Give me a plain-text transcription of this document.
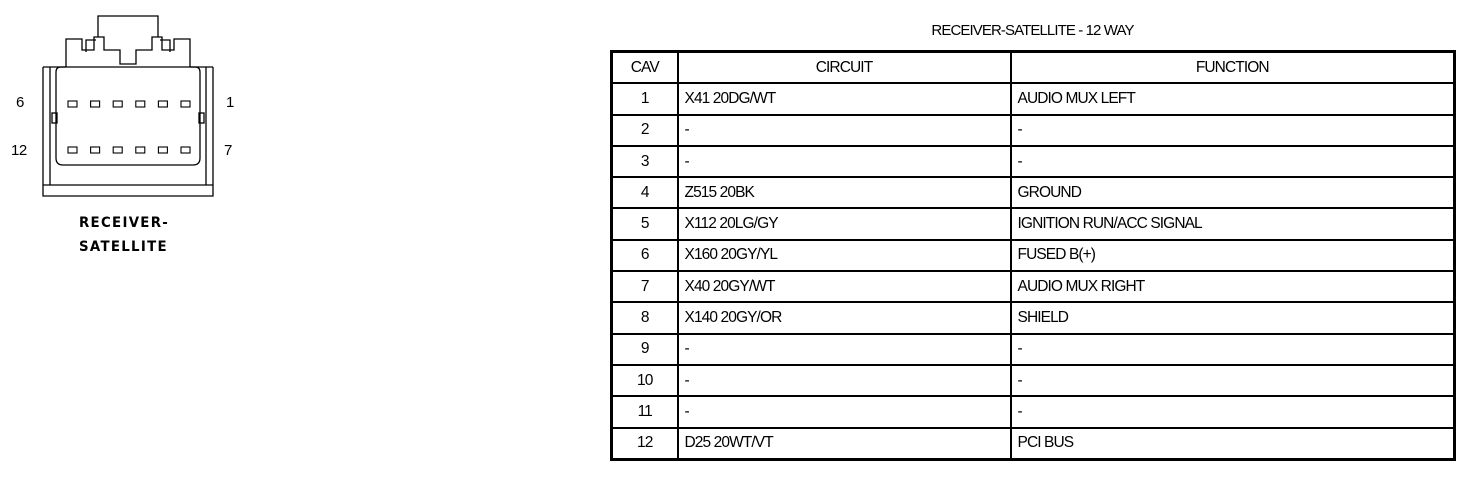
6	1
12	7
RECEIVER-
SATELLITE
RECEIVER-SATELLITE - 12 WAY
CAV	CIRCUIT	FUNCTION
1	X41 20DG/WT	AUDIO MUX LEFT
2	-	-
3	-	-
4	Z515 20BK	GROUND
5	X112 20LG/GY	IGNITION RUN/ACC SIGNAL
6	X160 20GY/YL	FUSED B(+)
7	X40 20GY/WT	AUDIO MUX RIGHT
8	X140 20GY/OR	SHIELD
9	-	-
10	-	-
11	-	-
12	D25 20WT/VT	PCI BUS
